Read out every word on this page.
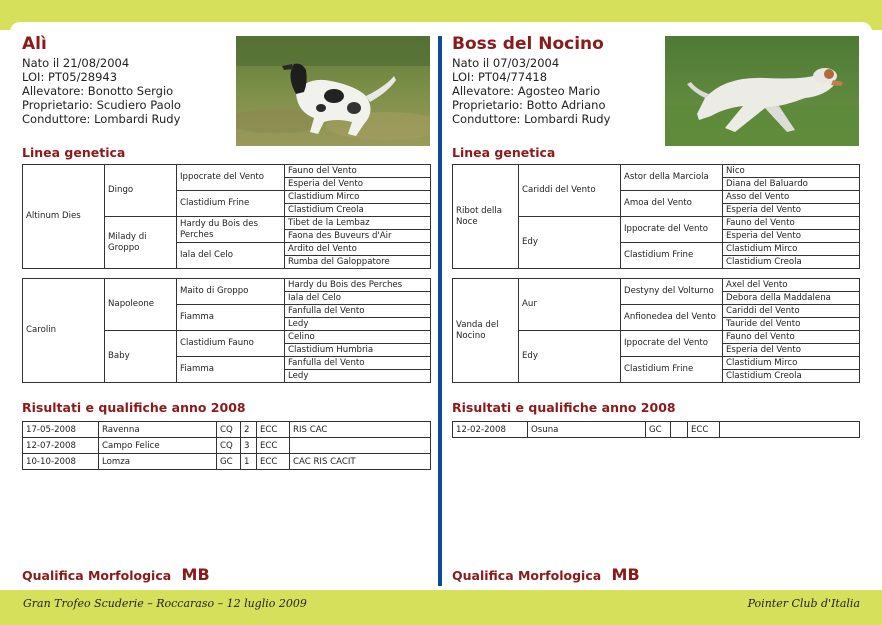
Alì
Nato il 21/08/2004
LOI: PT05/28943
Allevatore: Bonotto Sergio
Proprietario: Scudiero Paolo
Conduttore: Lombardi Rudy
Linea genetica
Altinum Dies	Dingo	Ippocrate del Vento	Fauno del Vento
			Esperia del Vento
		Clastidium Frine	Clastidium Mirco
			Clastidium Creola
	Milady di Groppo	Hardy du Bois des Perches	Tibet de la Lembaz
			Faona des Buveurs d'Air
		Iala del Celo	Ardito del Vento
			Rumba del Galoppatore
Carolin	Napoleone	Maito di Groppo	Hardy du Bois des Perches
			Iala del Celo
		Fiamma	Fanfulla del Vento
			Ledy
	Baby	Clastidium Fauno	Celino
			Clastidium Humbria
		Fiamma	Fanfulla del Vento
			Ledy
Risultati e qualifiche anno 2008
17-05-2008	Ravenna	CQ	2	ECC	RIS CAC
12-07-2008	Campo Felice	CQ	3	ECC	
10-10-2008	Lomza	GC	1	ECC	CAC RIS CACIT
Qualifica Morfologica MB
Boss del Nocino
Nato il 07/03/2004
LOI: PT04/77418
Allevatore: Agosteo Mario
Proprietario: Botto Adriano
Conduttore: Lombardi Rudy
Linea genetica
Ribot della Noce	Cariddi del Vento	Astor della Marciola	Nico
			Diana del Baluardo
		Amoa del Vento	Asso del Vento
			Esperia del Vento
	Edy	Ippocrate del Vento	Fauno del Vento
			Esperia del Vento
		Clastidium Frine	Clastidium Mirco
			Clastidium Creola
Vanda del Nocino	Aur	Destyny del Volturno	Axel del Vento
			Debora della Maddalena
		Anfionedea del Vento	Cariddi del Vento
			Tauride del Vento
	Edy	Ippocrate del Vento	Fauno del Vento
			Esperia del Vento
		Clastidium Frine	Clastidium Mirco
			Clastidium Creola
Risultati e qualifiche anno 2008
12-02-2008	Osuna	GC		ECC	
Qualifica Morfologica MB
Gran Trofeo Scuderie – Roccaraso – 12 luglio 2009	Pointer Club d'Italia
